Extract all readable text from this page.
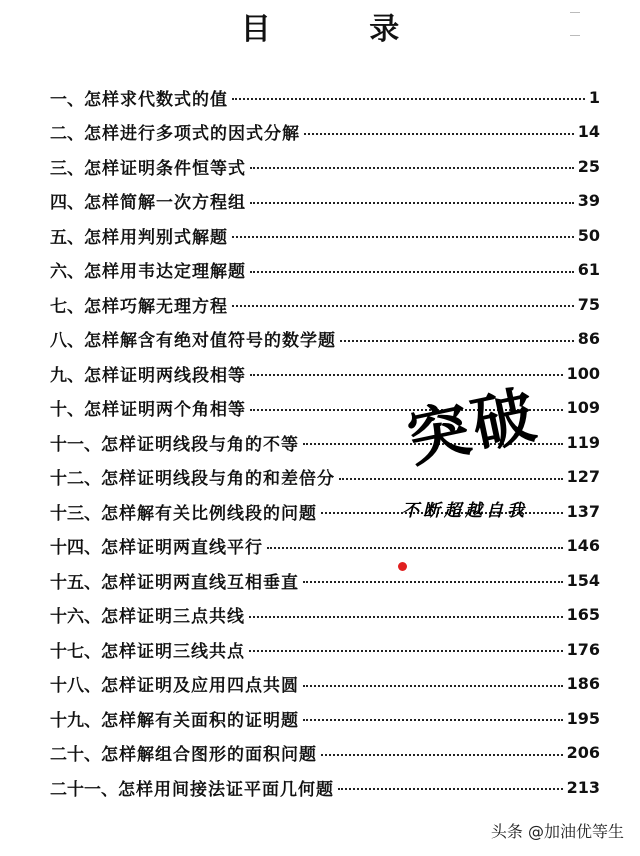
目 录
一、 怎样求代数式的值	1
二、 怎样进行多项式的因式分解	14
三、 怎样证明条件恒等式	25
四、 怎样简解一次方程组	39
五、 怎样用判别式解题	50
六、 怎样用韦达定理解题	61
七、 怎样巧解无理方程	75
八、 怎样解含有绝对值符号的数学题	86
九、 怎样证明两线段相等	100
十、 怎样证明两个角相等	109
十一、 怎样证明线段与角的不等	119
十二、 怎样证明线段与角的和差倍分	127
十三、 怎样解有关比例线段的问题	137
十四、 怎样证明两直线平行	146
十五、 怎样证明两直线互相垂直	154
十六、 怎样证明三点共线	165
十七、 怎样证明三线共点	176
十八、 怎样证明及应用四点共圆	186
十九、 怎样解有关面积的证明题	195
二十、 怎样解组合图形的面积问题	206
二十一、 怎样用间接法证平面几何题	213
突破
不断超越自我
头条 @加油优等生
